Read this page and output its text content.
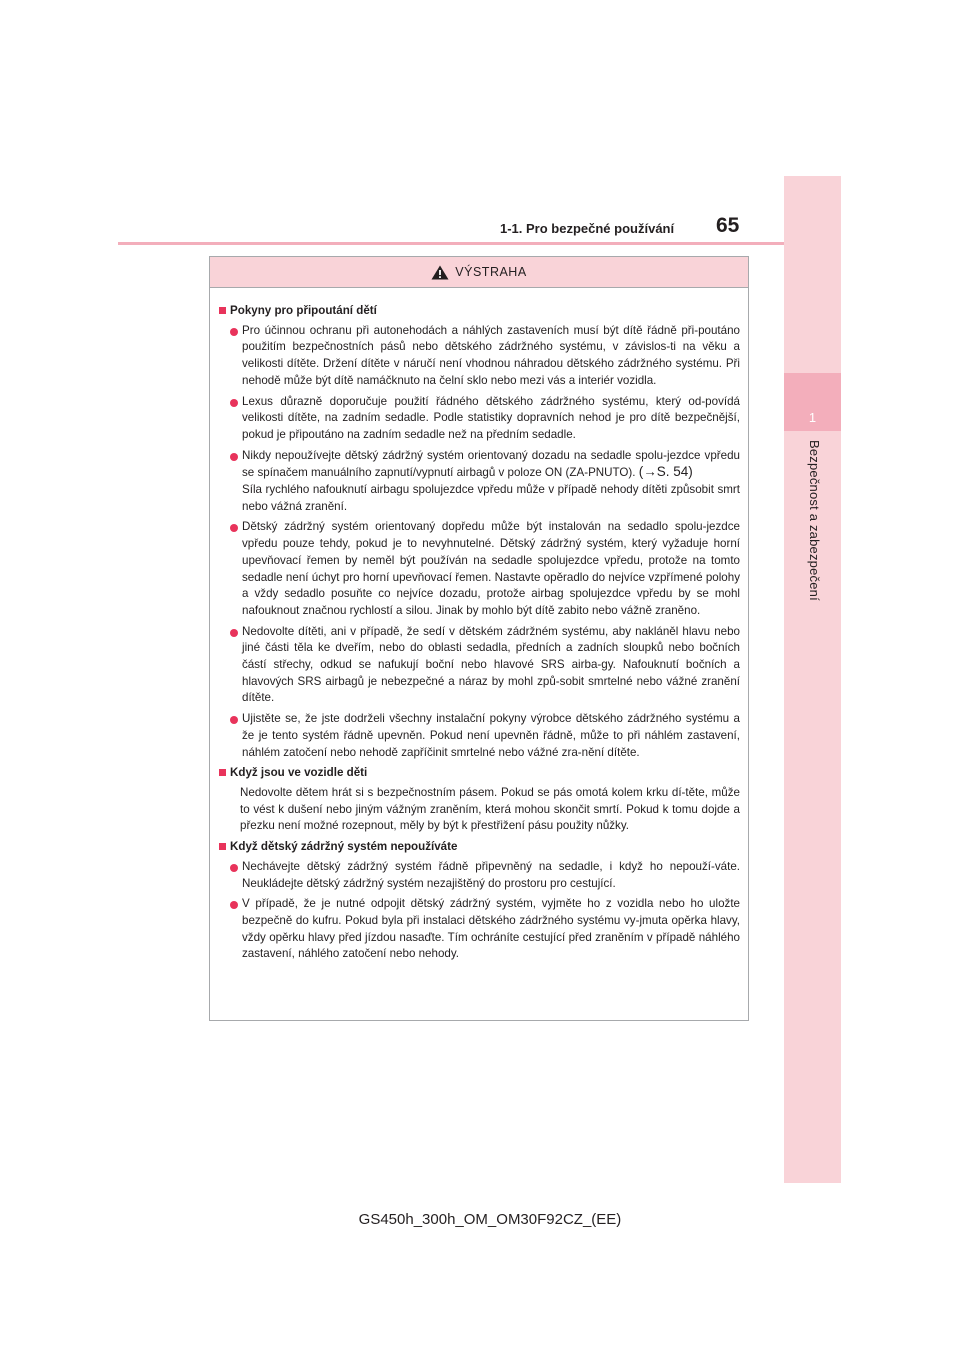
1
Bezpečnost a zabezpečení
1-1. Pro bezpečné používání 65
VÝSTRAHA
Pokyny pro připoutání dětí
Pro účinnou ochranu při autonehodách a náhlých zastaveních musí být dítě řádně při-poutáno použitím bezpečnostních pásů nebo dětského zádržného systému, v závislos-ti na věku a velikosti dítěte. Držení dítěte v náručí není vhodnou náhradou dětského zádržného systému. Při nehodě může být dítě namáčknuto na čelní sklo nebo mezi vás a interiér vozidla.
Lexus důrazně doporučuje použití řádného dětského zádržného systému, který od-povídá velikosti dítěte, na zadním sedadle. Podle statistiky dopravních nehod je pro dítě bezpečnější, pokud je připoutáno na zadním sedadle než na předním sedadle.
Nikdy nepoužívejte dětský zádržný systém orientovaný dozadu na sedadle spolu-jezdce vpředu se spínačem manuálního zapnutí/vypnutí airbagů v poloze ON (ZA-PNUTO). (→S. 54)
Síla rychlého nafouknutí airbagu spolujezdce vpředu může v případě nehody dítěti způsobit smrt nebo vážná zranění.
Dětský zádržný systém orientovaný dopředu může být instalován na sedadlo spolu-jezdce vpředu pouze tehdy, pokud je to nevyhnutelné. Dětský zádržný systém, který vyžaduje horní upevňovací řemen by neměl být používán na sedadle spolujezdce vpředu, protože na tomto sedadle není úchyt pro horní upevňovací řemen. Nastavte opěradlo do nejvíce vzpřímené polohy a vždy sedadlo posuňte co nejvíce dozadu, protože airbag spolujezdce vpředu by se mohl nafouknout značnou rychlostí a silou. Jinak by mohlo být dítě zabito nebo vážně zraněno.
Nedovolte dítěti, ani v případě, že sedí v dětském zádržném systému, aby nakláněl hlavu nebo jiné části těla ke dveřím, nebo do oblasti sedadla, předních a zadních sloupků nebo bočních částí střechy, odkud se nafukují boční nebo hlavové SRS airba-gy. Nafouknutí bočních a hlavových SRS airbagů je nebezpečné a náraz by mohl způ-sobit smrtelné nebo vážné zranění dítěte.
Ujistěte se, že jste dodrželi všechny instalační pokyny výrobce dětského zádržného systému a že je tento systém řádně upevněn. Pokud není upevněn řádně, může to při náhlém zastavení, náhlém zatočení nebo nehodě zapříčinit smrtelné nebo vážné zra-nění dítěte.
Když jsou ve vozidle děti
Nedovolte dětem hrát si s bezpečnostním pásem. Pokud se pás omotá kolem krku dí-těte, může to vést k dušení nebo jiným vážným zraněním, která mohou skončit smrtí. Pokud k tomu dojde a přezku není možné rozepnout, měly by být k přestřižení pásu použity nůžky.
Když dětský zádržný systém nepoužíváte
Nechávejte dětský zádržný systém řádně připevněný na sedadle, i když ho nepouží-váte. Neukládejte dětský zádržný systém nezajištěný do prostoru pro cestující.
V případě, že je nutné odpojit dětský zádržný systém, vyjměte ho z vozidla nebo ho uložte bezpečně do kufru. Pokud byla při instalaci dětského zádržného systému vy-jmuta opěrka hlavy, vždy opěrku hlavy před jízdou nasaďte. Tím ochráníte cestující před zraněním v případě náhlého zastavení, náhlého zatočení nebo nehody.
GS450h_300h_OM_OM30F92CZ_(EE)
